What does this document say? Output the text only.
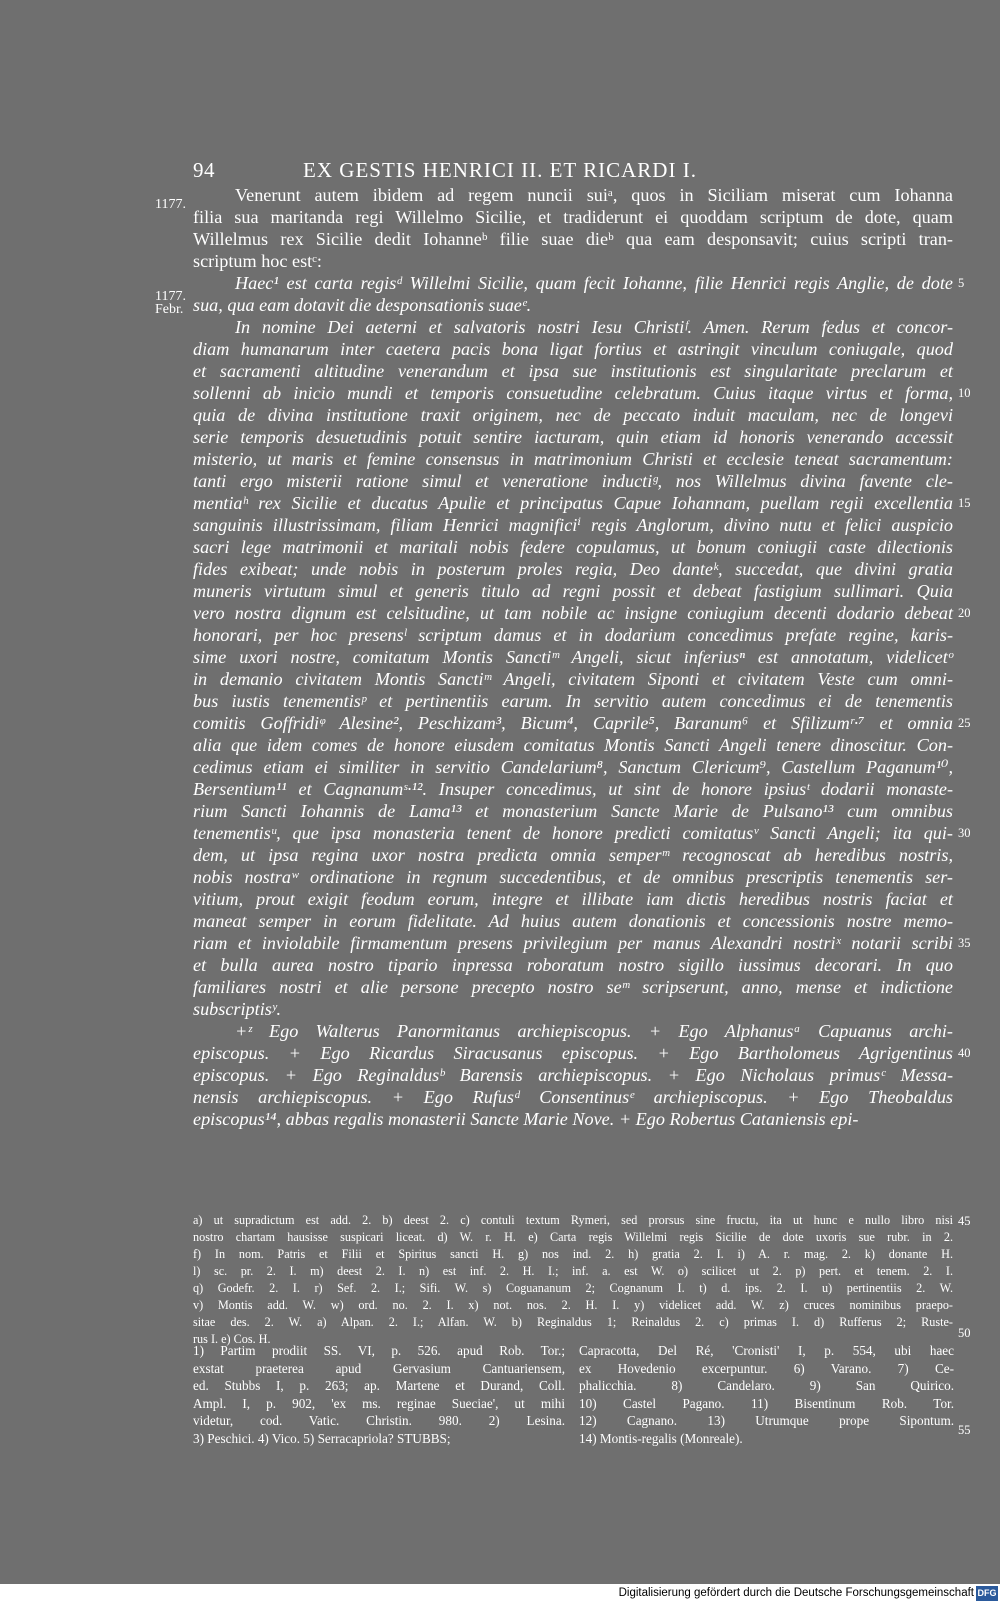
94	EX GESTIS HENRICI II. ET RICARDI I.
1177.
1177.
Febr.
Venerunt autem ibidem ad regem nuncii suiᵃ, quos in Siciliam miserat cum Iohanna
filia sua maritanda regi Willelmo Sicilie, et tradiderunt ei quoddam scriptum de dote, quam
Willelmus rex Sicilie dedit Iohanneᵇ filie suae dieᵇ qua eam desponsavit; cuius scripti tran-
scriptum hoc estᶜ:
Haec¹ est carta regisᵈ Willelmi Sicilie, quam fecit Iohanne, filie Henrici regis Anglie, de dote
sua, qua eam dotavit die desponsationis suaeᵉ.
In nomine Dei aeterni et salvatoris nostri Iesu Christiᶠ. Amen. Rerum fedus et concor-
diam humanarum inter caetera pacis bona ligat fortius et astringit vinculum coniugale, quod
et sacramenti altitudine venerandum et ipsa sue institutionis est singularitate preclarum et
sollenni ab inicio mundi et temporis consuetudine celebratum. Cuius itaque virtus et forma,
quia de divina institutione traxit originem, nec de peccato induit maculam, nec de longevi
serie temporis desuetudinis potuit sentire iacturam, quin etiam id honoris venerando accessit
misterio, ut maris et femine consensus in matrimonium Christi et ecclesie teneat sacramentum:
tanti ergo misterii ratione simul et veneratione inductiᵍ, nos Willelmus divina favente cle-
mentiaʰ rex Sicilie et ducatus Apulie et principatus Capue Iohannam, puellam regii excellentia
sanguinis illustrissimam, filiam Henrici magnificiⁱ regis Anglorum, divino nutu et felici auspicio
sacri lege matrimonii et maritali nobis federe copulamus, ut bonum coniugii caste dilectionis
fides exibeat; unde nobis in posterum proles regia, Deo danteᵏ, succedat, que divini gratia
muneris virtutum simul et generis titulo ad regni possit et debeat fastigium sullimari. Quia
vero nostra dignum est celsitudine, ut tam nobile ac insigne coniugium decenti dodario debeat
honorari, per hoc presensˡ scriptum damus et in dodarium concedimus prefate regine, karis-
sime uxori nostre, comitatum Montis Sanctiᵐ Angeli, sicut inferiusⁿ est annotatum, videlicetᵒ
in demanio civitatem Montis Sanctiᵐ Angeli, civitatem Siponti et civitatem Veste cum omni-
bus iustis tenementisᵖ et pertinentiis earum. In servitio autem concedimus ei de tenementis
comitis Goffridiᵠ Alesine², Peschizam³, Bicum⁴, Caprile⁵, Baranum⁶ et Sfilizumʳ·⁷ et omnia
alia que idem comes de honore eiusdem comitatus Montis Sancti Angeli tenere dinoscitur. Con-
cedimus etiam ei similiter in servitio Candelarium⁸, Sanctum Clericum⁹, Castellum Paganum¹⁰,
Bersentium¹¹ et Cagnanumˢ·¹². Insuper concedimus, ut sint de honore ipsiusᵗ dodarii monaste-
rium Sancti Iohannis de Lama¹³ et monasterium Sancte Marie de Pulsano¹³ cum omnibus
tenementisᵘ, que ipsa monasteria tenent de honore predicti comitatusᵛ Sancti Angeli; ita qui-
dem, ut ipsa regina uxor nostra predicta omnia semperᵐ recognoscat ab heredibus nostris,
nobis nostraʷ ordinatione in regnum succedentibus, et de omnibus prescriptis tenementis ser-
vitium, prout exigit feodum eorum, integre et illibate iam dictis heredibus nostris faciat et
maneat semper in eorum fidelitate. Ad huius autem donationis et concessionis nostre memo-
riam et inviolabile firmamentum presens privilegium per manus Alexandri nostriˣ notarii scribi
et bulla aurea nostro tipario inpressa roboratum nostro sigillo iussimus decorari. In quo
familiares nostri et alie persone precepto nostro seᵐ scripserunt, anno, mense et indictione
subscriptisʸ.
+ᶻ Ego Walterus Panormitanus archiepiscopus. + Ego Alphanusᵃ Capuanus archi-
episcopus. + Ego Ricardus Siracusanus episcopus. + Ego Bartholomeus Agrigentinus
episcopus. + Ego Reginaldusᵇ Barensis archiepiscopus. + Ego Nicholaus primusᶜ Messa-
nensis archiepiscopus. + Ego Rufusᵈ Consentinusᵉ archiepiscopus. + Ego Theobaldus
episcopus¹⁴, abbas regalis monasterii Sancte Marie Nove. + Ego Robertus Cataniensis epi-
5
10
15
20
25
30
35
40
45
50
55
a) ut supradictum est add. 2. b) deest 2. c) contuli textum Rymeri, sed prorsus sine fructu, ita ut hunc e nullo libro nisi
nostro chartam hausisse suspicari liceat. d) W. r. H. e) Carta regis Willelmi regis Sicilie de dote uxoris sue rubr. in 2.
f) In nom. Patris et Filii et Spiritus sancti H. g) nos ind. 2. h) gratia 2. I. i) A. r. mag. 2. k) donante H.
l) sc. pr. 2. I. m) deest 2. I. n) est inf. 2. H. I.; inf. a. est W. o) scilicet ut 2. p) pert. et tenem. 2. I.
q) Godefr. 2. I. r) Sef. 2. I.; Sifi. W. s) Coguananum 2; Cognanum I. t) d. ips. 2. I. u) pertinentiis 2. W.
v) Montis add. W. w) ord. no. 2. I. x) not. nos. 2. H. I. y) videlicet add. W. z) cruces nominibus praepo-
sitae des. 2. W. a) Alpan. 2. I.; Alfan. W. b) Reginaldus 1; Reinaldus 2. c) primas I. d) Rufferus 2; Ruste-
rus I. e) Cos. H.
1) Partim prodiit SS. VI, p. 526. apud Rob. Tor.;
exstat praeterea apud Gervasium Cantuariensem,
ed. Stubbs I, p. 263; ap. Martene et Durand, Coll.
Ampl. I, p. 902, 'ex ms. reginae Sueciae', ut mihi
videtur, cod. Vatic. Christin. 980. 2) Lesina.
3) Peschici. 4) Vico. 5) Serracapriola? STUBBS;
Capracotta, Del Ré, 'Cronisti' I, p. 554, ubi haec
ex Hovedenio excerpuntur. 6) Varano. 7) Ce-
phalicchia. 8) Candelaro. 9) San Quirico.
10) Castel Pagano. 11) Bisentinum Rob. Tor.
12) Cagnano. 13) Utrumque prope Sipontum.
14) Montis-regalis (Monreale).
Digitalisierung gefördert durch die Deutsche Forschungsgemeinschaft DFG
